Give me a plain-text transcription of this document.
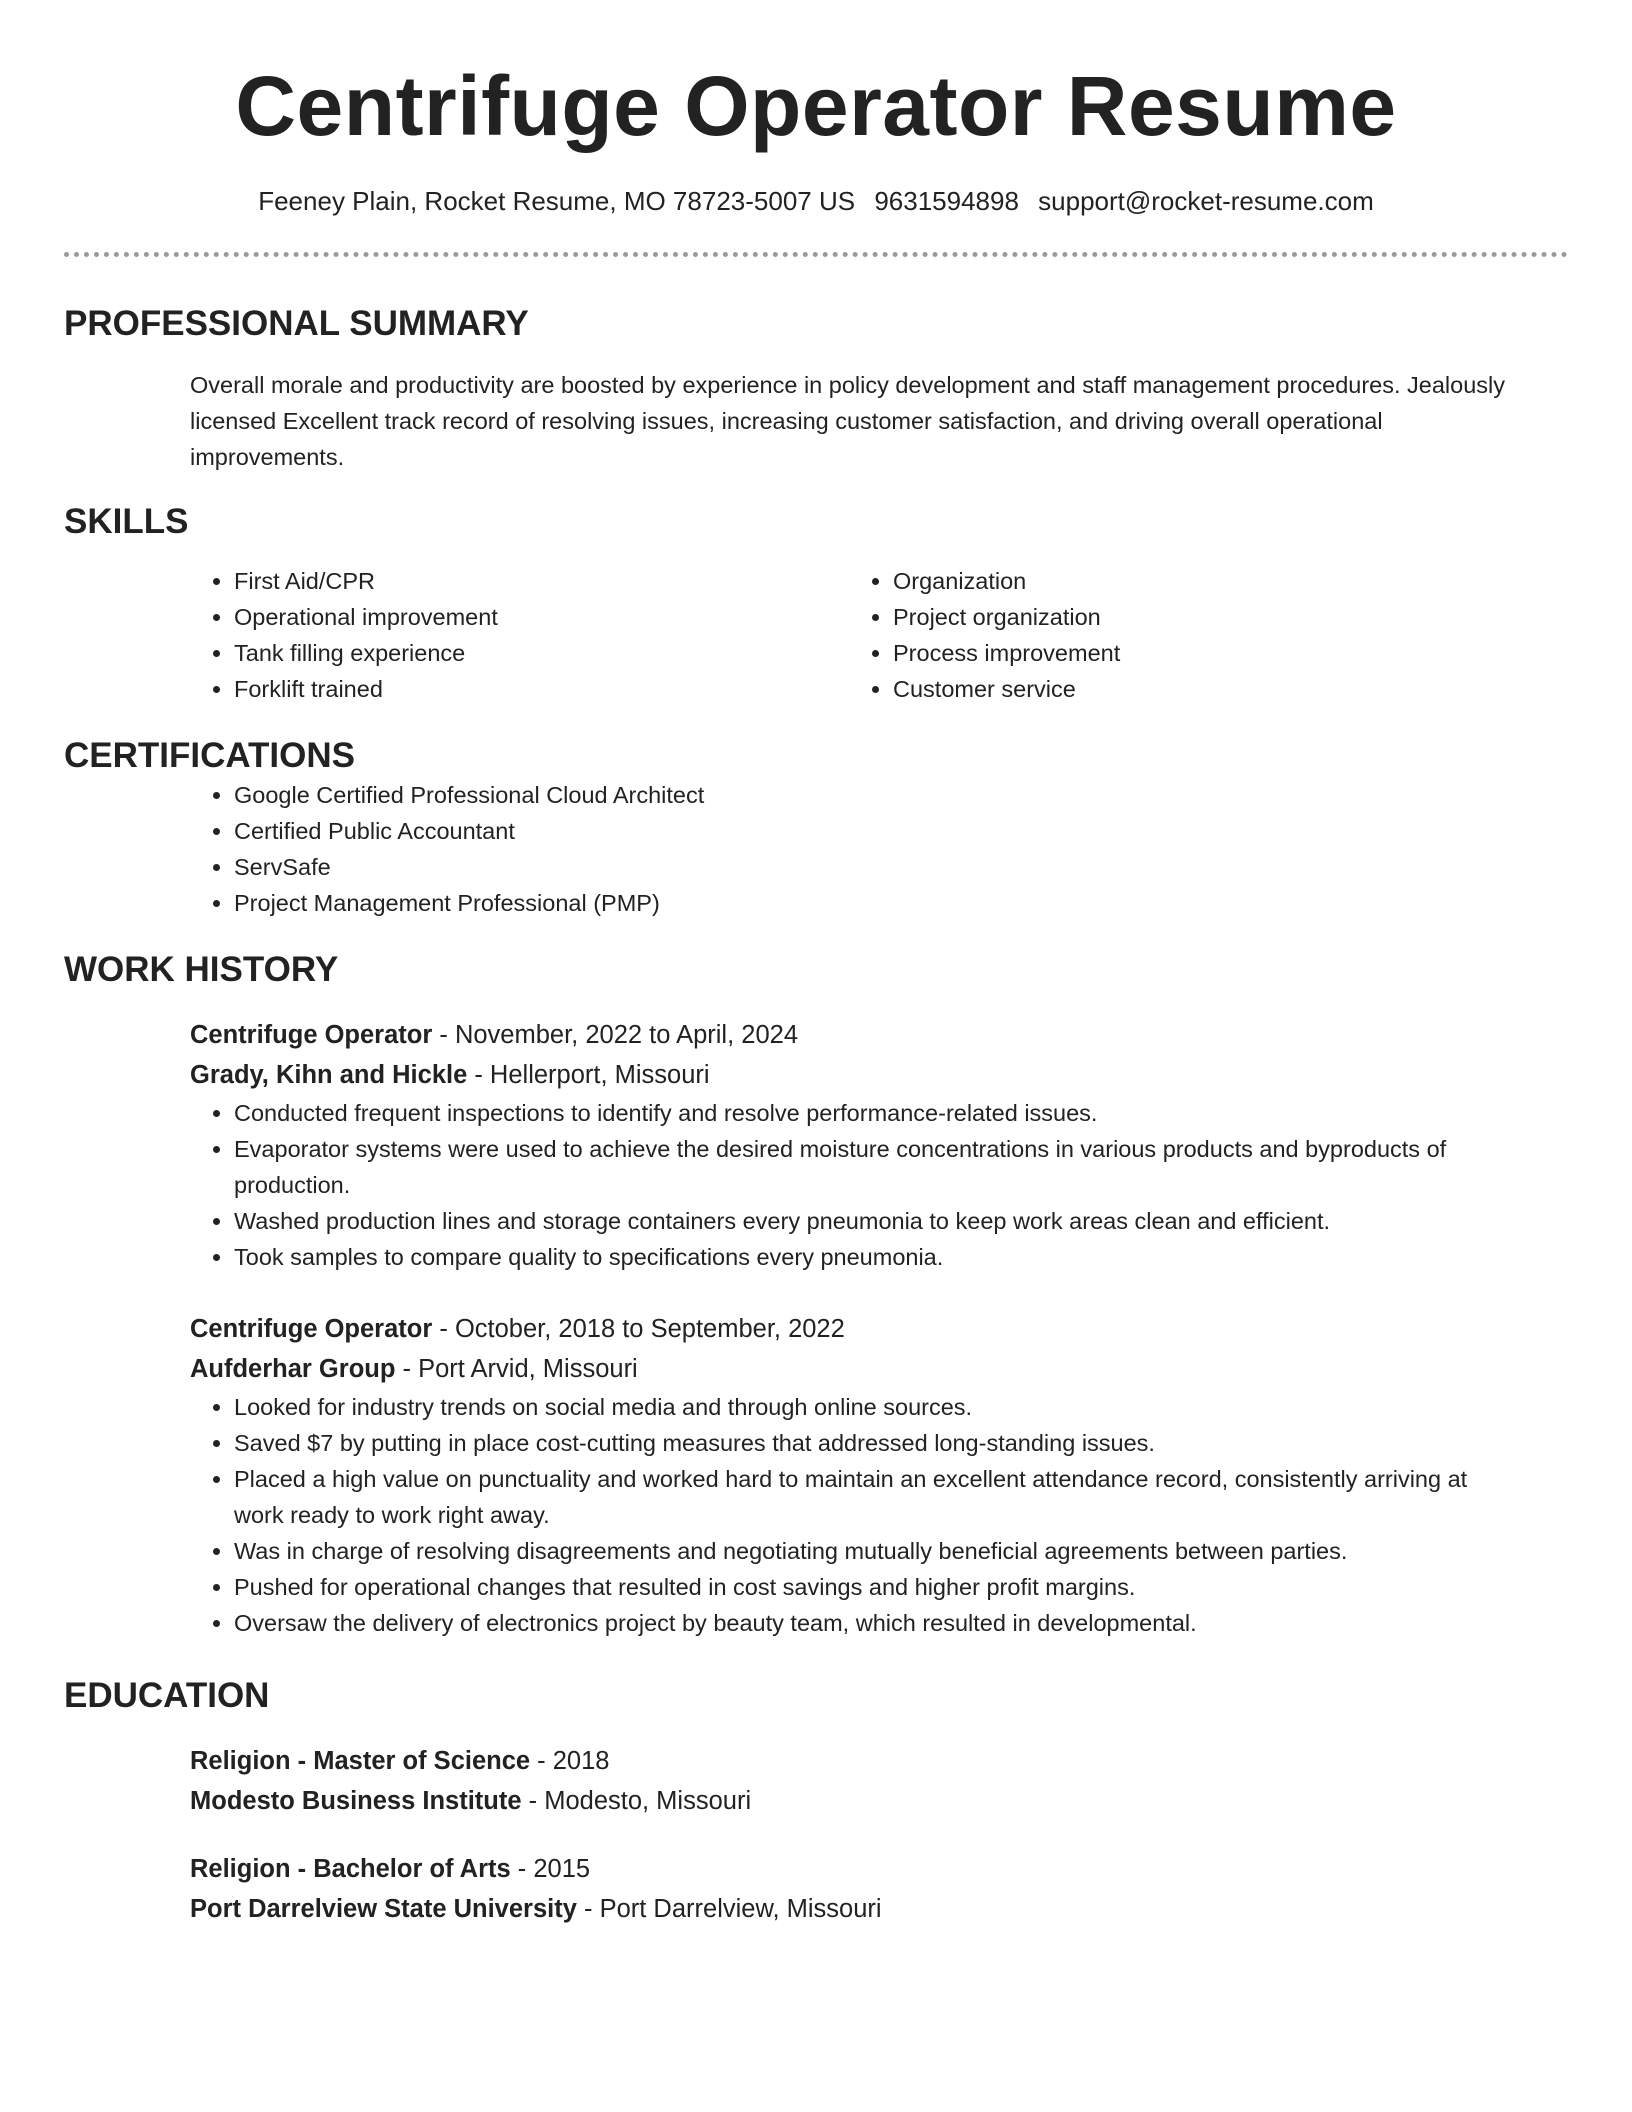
Centrifuge Operator Resume
Feeney Plain, Rocket Resume, MO 78723-5007 US 9631594898 support@rocket-resume.com
PROFESSIONAL SUMMARY
Overall morale and productivity are boosted by experience in policy development and staff management procedures. Jealously licensed Excellent track record of resolving issues, increasing customer satisfaction, and driving overall operational improvements.
SKILLS
• First Aid/CPR
• Operational improvement
• Tank filling experience
• Forklift trained
• Organization
• Project organization
• Process improvement
• Customer service
CERTIFICATIONS
• Google Certified Professional Cloud Architect
• Certified Public Accountant
• ServSafe
• Project Management Professional (PMP)
WORK HISTORY
Centrifuge Operator - November, 2022 to April, 2024
Grady, Kihn and Hickle - Hellerport, Missouri
• Conducted frequent inspections to identify and resolve performance-related issues.
• Evaporator systems were used to achieve the desired moisture concentrations in various products and byproducts of production.
• Washed production lines and storage containers every pneumonia to keep work areas clean and efficient.
• Took samples to compare quality to specifications every pneumonia.
Centrifuge Operator - October, 2018 to September, 2022
Aufderhar Group - Port Arvid, Missouri
• Looked for industry trends on social media and through online sources.
• Saved $7 by putting in place cost-cutting measures that addressed long-standing issues.
• Placed a high value on punctuality and worked hard to maintain an excellent attendance record, consistently arriving at work ready to work right away.
• Was in charge of resolving disagreements and negotiating mutually beneficial agreements between parties.
• Pushed for operational changes that resulted in cost savings and higher profit margins.
• Oversaw the delivery of electronics project by beauty team, which resulted in developmental.
EDUCATION
Religion - Master of Science - 2018
Modesto Business Institute - Modesto, Missouri
Religion - Bachelor of Arts - 2015
Port Darrelview State University - Port Darrelview, Missouri
